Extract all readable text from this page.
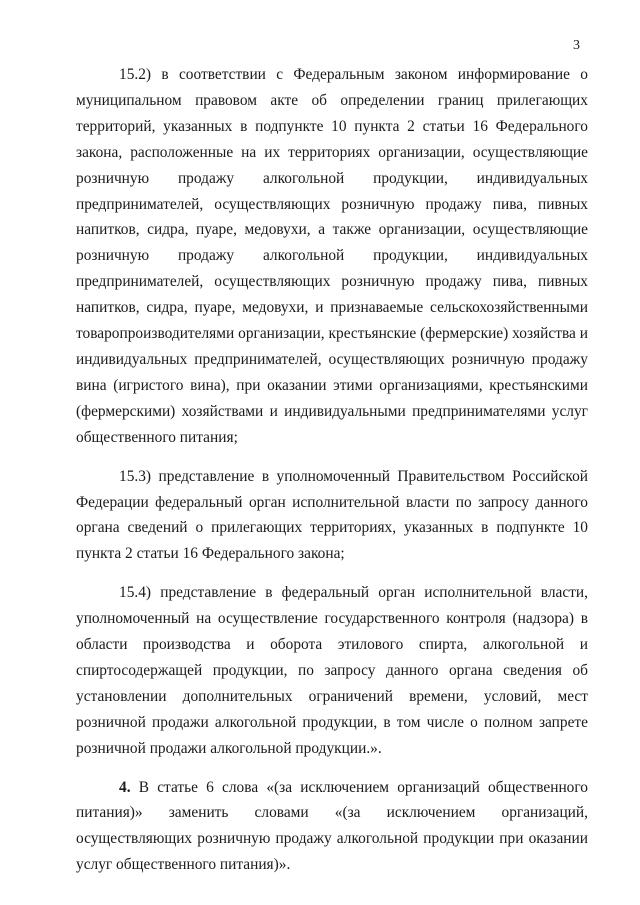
3

15.2) в соответствии с Федеральным законом информирование о муниципальном правовом акте об определении границ прилегающих территорий, указанных в подпункте 10 пункта 2 статьи 16 Федерального закона, расположенные на их территориях организации, осуществляющие розничную продажу алкогольной продукции, индивидуальных предпринимателей, осуществляющих розничную продажу пива, пивных напитков, сидра, пуаре, медовухи, а также организации, осуществляющие розничную продажу алкогольной продукции, индивидуальных предпринимателей, осуществляющих розничную продажу пива, пивных напитков, сидра, пуаре, медовухи, и признаваемые сельскохозяйственными товаропроизводителями организации, крестьянские (фермерские) хозяйства и индивидуальных предпринимателей, осуществляющих розничную продажу вина (игристого вина), при оказании этими организациями, крестьянскими (фермерскими) хозяйствами и индивидуальными предпринимателями услуг общественного питания;

15.3) представление в уполномоченный Правительством Российской Федерации федеральный орган исполнительной власти по запросу данного органа сведений о прилегающих территориях, указанных в подпункте 10 пункта 2 статьи 16 Федерального закона;

15.4) представление в федеральный орган исполнительной власти, уполномоченный на осуществление государственного контроля (надзора) в области производства и оборота этилового спирта, алкогольной и спиртосодержащей продукции, по запросу данного органа сведения об установлении дополнительных ограничений времени, условий, мест розничной продажи алкогольной продукции, в том числе о полном запрете розничной продажи алкогольной продукции.».

4. В статье 6 слова «(за исключением организаций общественного питания)» заменить словами «(за исключением организаций, осуществляющих розничную продажу алкогольной продукции при оказании услуг общественного питания)».
